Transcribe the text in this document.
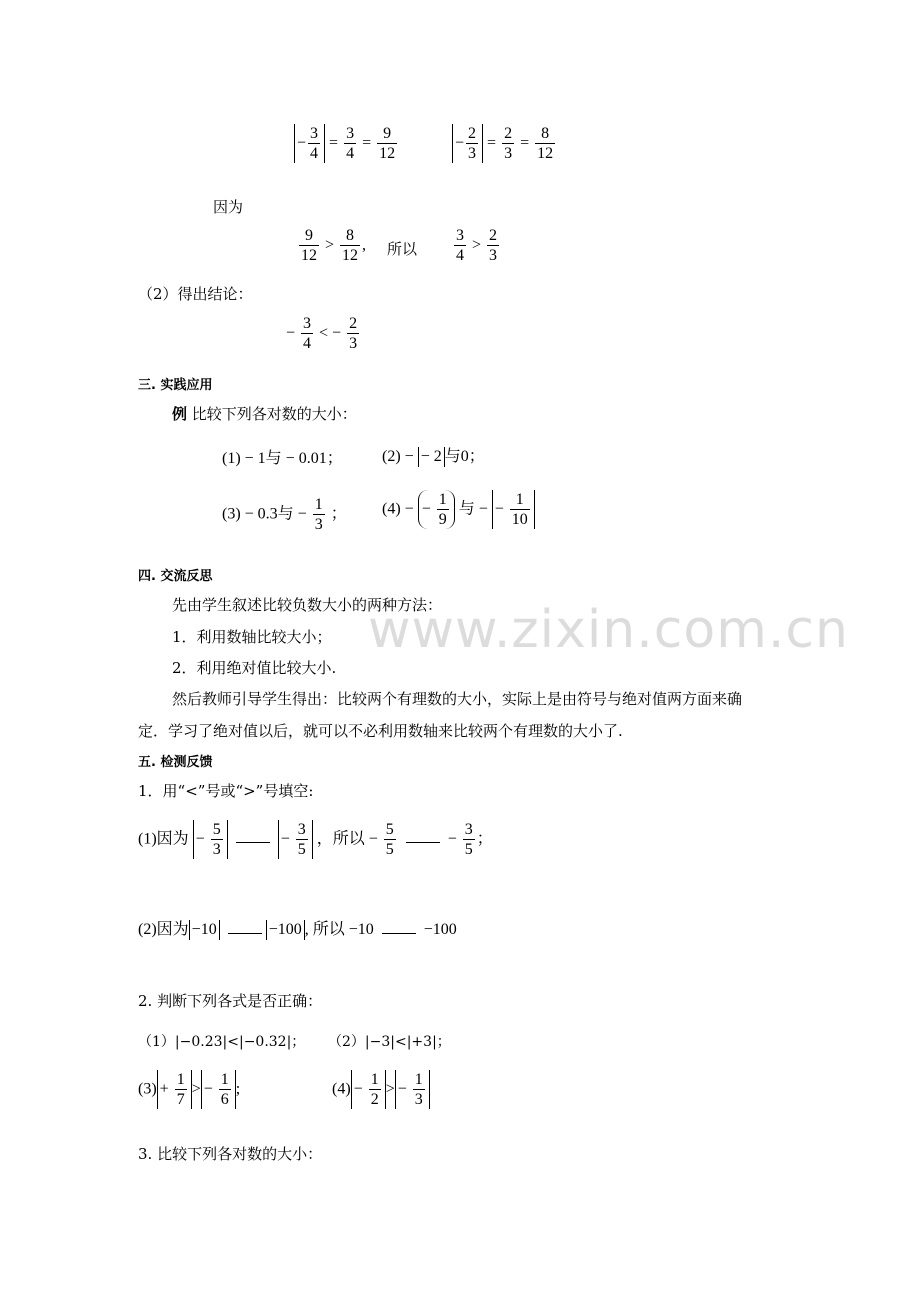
www.zixin.com.cn
− $\frac{3}{4} = \frac{3}{4} = \frac{9}{12}$	− $\frac{2}{3} = \frac{2}{3} = \frac{8}{12}$
因为
$\frac{9}{12} > \frac{8}{12}$ , 所以 $\frac{3}{4} > \frac{2}{3}$
（2）得出结论：
− $\frac{3}{4}$ < − $\frac{2}{3}$
三. 实践应用
例 比较下列各对数的大小：
(1) − 1与 − 0.01； (2) − − 2 与0；
(3) − 0.3与 − $\frac{1}{3}$ ； (4) − − $\frac{1}{9}$ 与 − − $\frac{1}{10}$
四. 交流反思
先由学生叙述比较负数大小的两种方法：
1．利用数轴比较大小；
2．利用绝对值比较大小.
然后教师引导学生得出：比较两个有理数的大小，实际上是由符号与绝对值两方面来确
定．学习了绝对值以后，就可以不必利用数轴来比较两个有理数的大小了.
五. 检测反馈
1．用“<”号或“>”号填空:
(1)因为 − $\frac{5}{3}$	− $\frac{3}{5}$ ，所以 − $\frac{5}{5}$	− $\frac{3}{5}$ ；
(2)因为 −10	−100 , 所以 −10	−100
2. 判断下列各式是否正确：
（1）|−0.23|<|−0.32|； （2）|−3|<|+3|；
$(3) + \frac{1}{7}$ > − $\frac{1}{6}$ ;	$(4) - \frac{1}{2}$ > − $\frac{1}{3}$
3. 比较下列各对数的大小：
